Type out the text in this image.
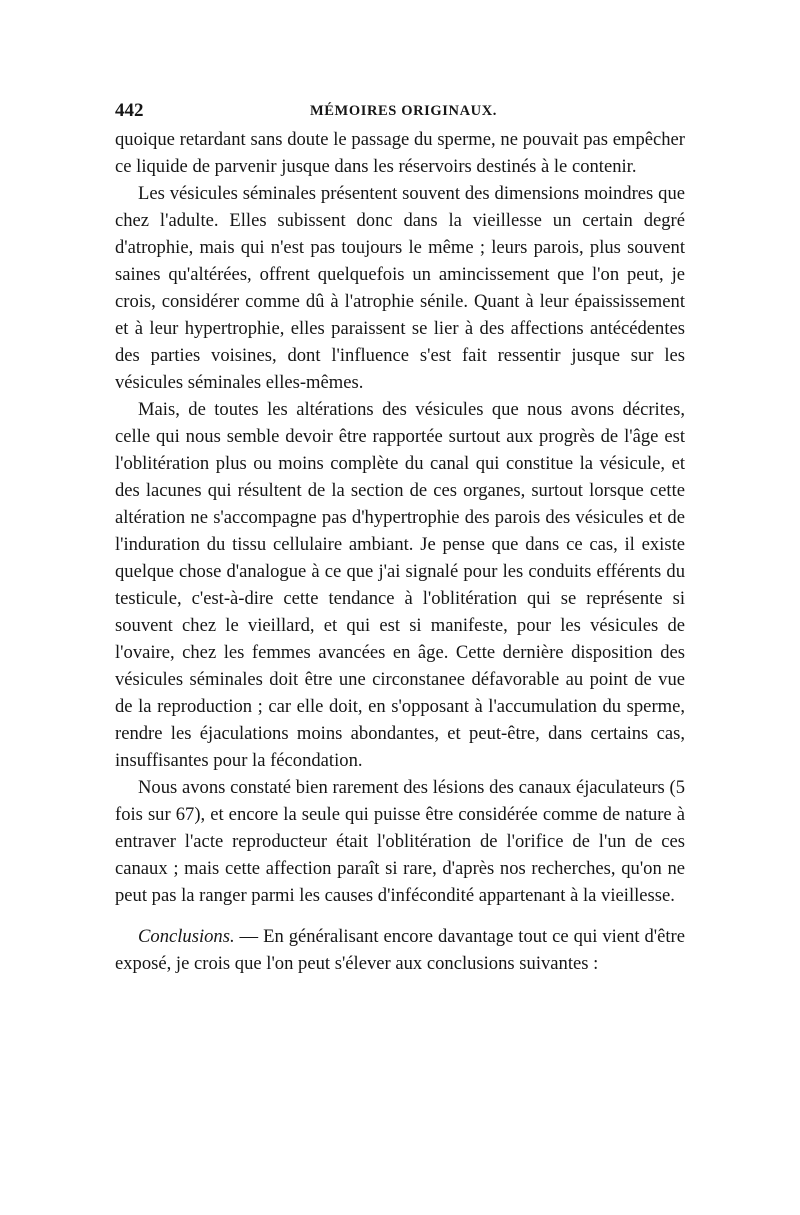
442	MÉMOIRES ORIGINAUX.

quoique retardant sans doute le passage du sperme, ne pouvait pas empêcher ce liquide de parvenir jusque dans les réservoirs destinés à le contenir.

Les vésicules séminales présentent souvent des dimensions moindres que chez l'adulte. Elles subissent donc dans la vieillesse un certain degré d'atrophie, mais qui n'est pas toujours le même ; leurs parois, plus souvent saines qu'altérées, offrent quelquefois un amincissement que l'on peut, je crois, considérer comme dû à l'atrophie sénile. Quant à leur épaississement et à leur hypertrophie, elles paraissent se lier à des affections antécédentes des parties voisines, dont l'influence s'est fait ressentir jusque sur les vésicules séminales elles-mêmes.

Mais, de toutes les altérations des vésicules que nous avons décrites, celle qui nous semble devoir être rapportée surtout aux progrès de l'âge est l'oblitération plus ou moins complète du canal qui constitue la vésicule, et des lacunes qui résultent de la section de ces organes, surtout lorsque cette altération ne s'accompagne pas d'hypertrophie des parois des vésicules et de l'induration du tissu cellulaire ambiant. Je pense que dans ce cas, il existe quelque chose d'analogue à ce que j'ai signalé pour les conduits efférents du testicule, c'est-à-dire cette tendance à l'oblitération qui se représente si souvent chez le vieillard, et qui est si manifeste, pour les vésicules de l'ovaire, chez les femmes avancées en âge. Cette dernière disposition des vésicules séminales doit être une circonstanee défavorable au point de vue de la reproduction ; car elle doit, en s'opposant à l'accumulation du sperme, rendre les éjaculations moins abondantes, et peut-être, dans certains cas, insuffisantes pour la fécondation.

Nous avons constaté bien rarement des lésions des canaux éjaculateurs (5 fois sur 67), et encore la seule qui puisse être considérée comme de nature à entraver l'acte reproducteur était l'oblitération de l'orifice de l'un de ces canaux ; mais cette affection paraît si rare, d'après nos recherches, qu'on ne peut pas la ranger parmi les causes d'infécondité appartenant à la vieillesse.

Conclusions. — En généralisant encore davantage tout ce qui vient d'être exposé, je crois que l'on peut s'élever aux conclusions suivantes :
